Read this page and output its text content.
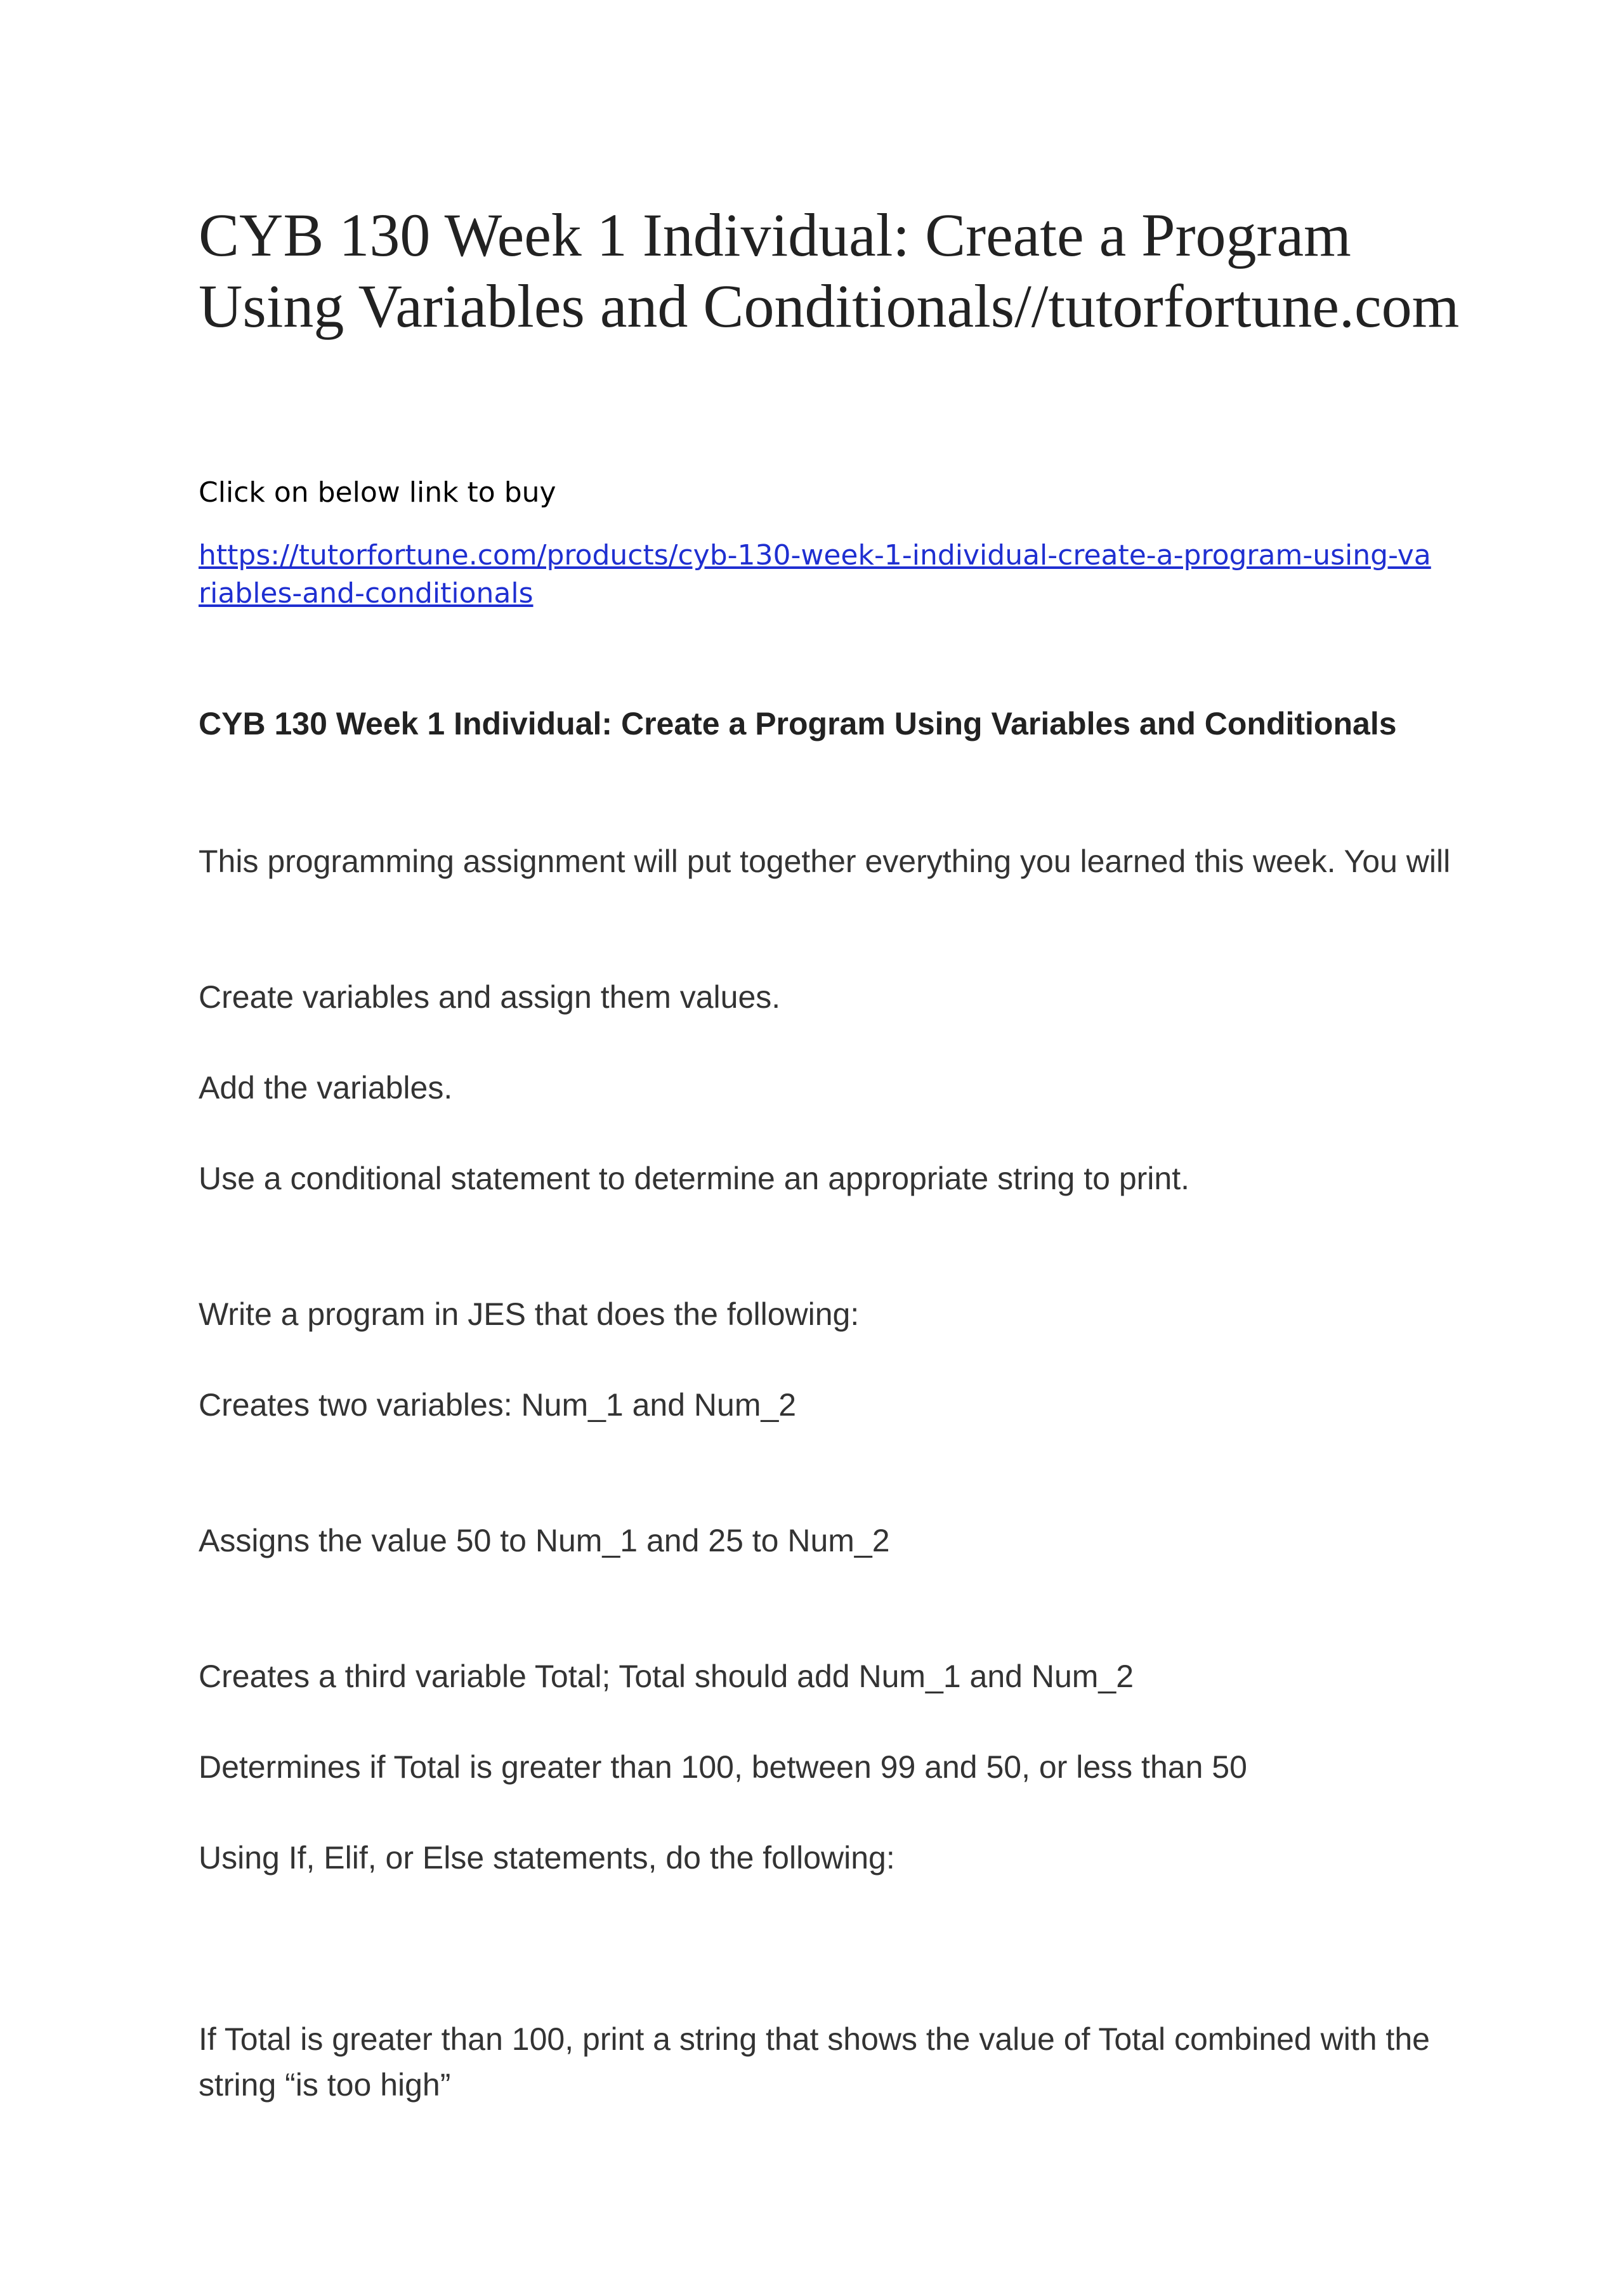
CYB 130 Week 1 Individual: Create a Program Using Variables and Conditionals//tutorfortune.com

Click on below link to buy

https://tutorfortune.com/products/cyb-130-week-1-individual-create-a-program-using-variables-and-conditionals
CYB 130 Week 1 Individual: Create a Program Using Variables and Conditionals

This programming assignment will put together everything you learned this week. You will

Create variables and assign them values.

Add the variables.

Use a conditional statement to determine an appropriate string to print.

Write a program in JES that does the following:

Creates two variables: Num_1 and Num_2

Assigns the value 50 to Num_1 and 25 to Num_2

Creates a third variable Total; Total should add Num_1 and Num_2

Determines if Total is greater than 100, between 99 and 50, or less than 50

Using If, Elif, or Else statements, do the following:

If Total is greater than 100, print a string that shows the value of Total combined with the string “is too high”
